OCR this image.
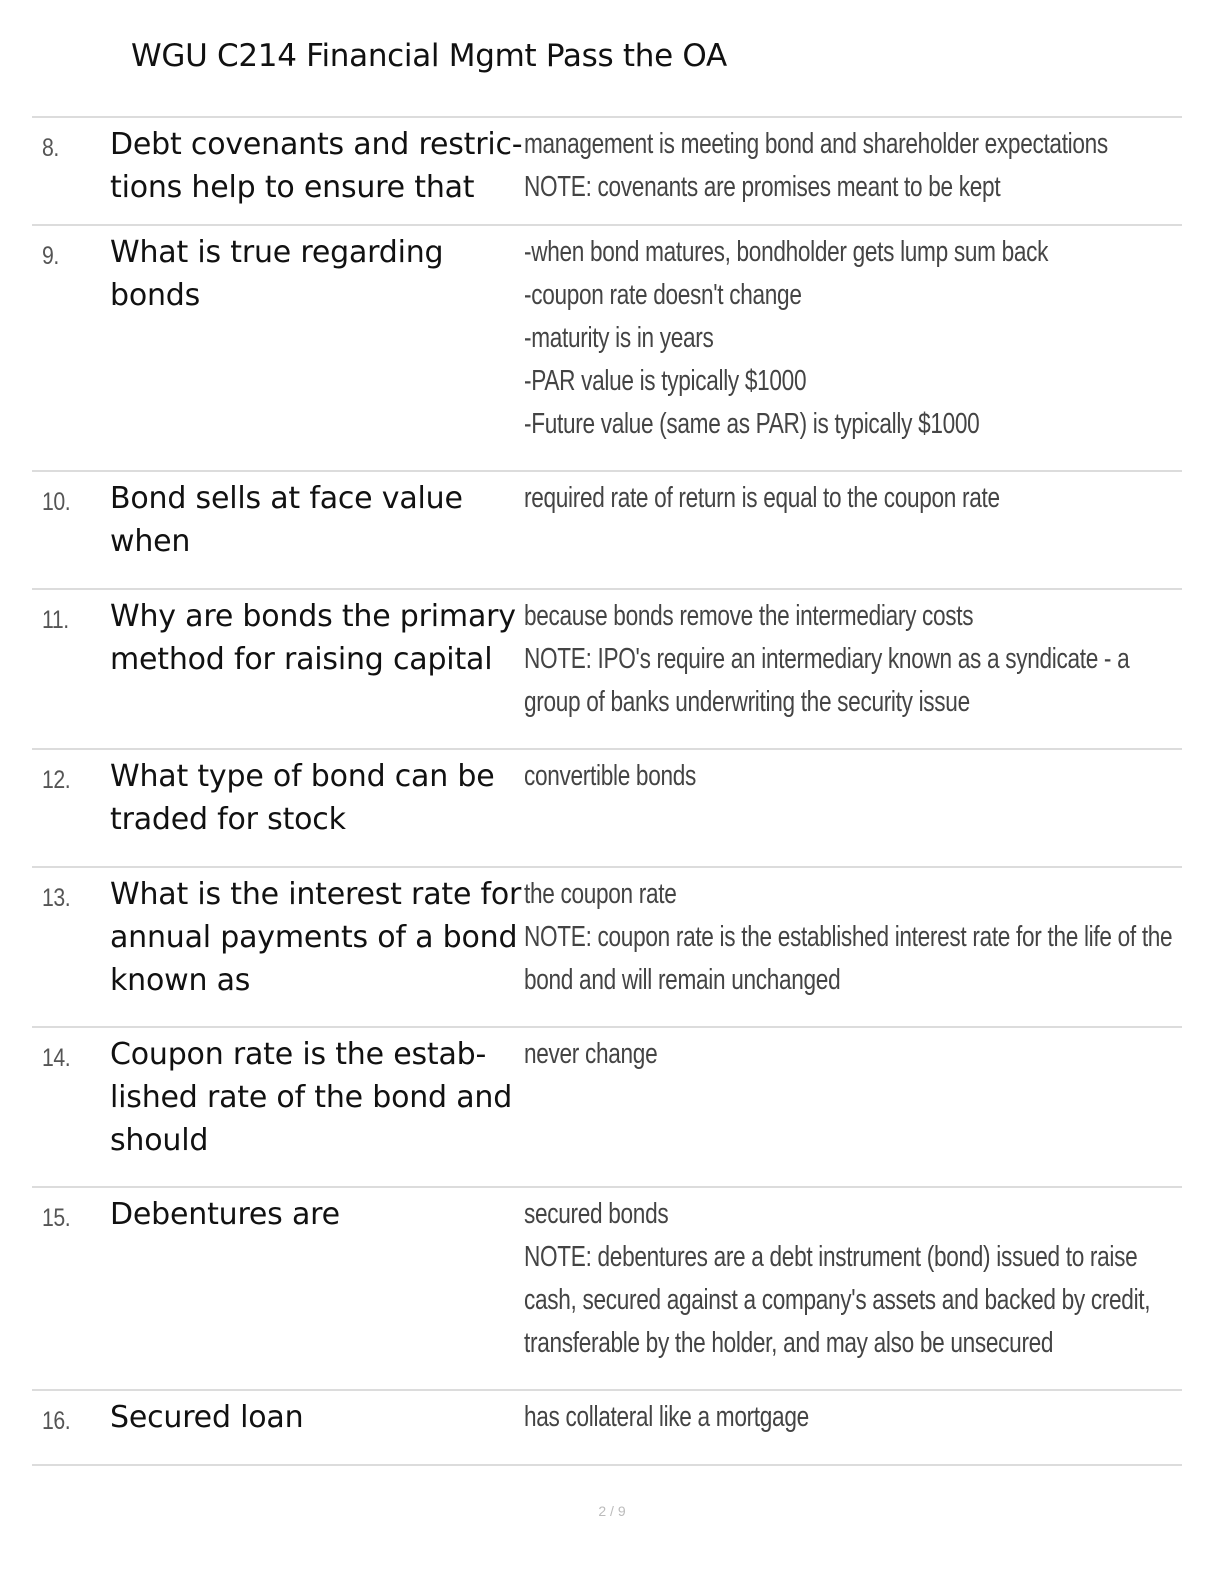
WGU C214 Financial Mgmt Pass the OA
8. Debt covenants and restric-
tions help to ensure that
management is meeting bond and shareholder expectations
NOTE: covenants are promises meant to be kept
9. What is true regarding
bonds
-when bond matures, bondholder gets lump sum back
-coupon rate doesn't change
-maturity is in years
-PAR value is typically $1000
-Future value (same as PAR) is typically $1000
10. Bond sells at face value
when
required rate of return is equal to the coupon rate
11. Why are bonds the primary
method for raising capital
because bonds remove the intermediary costs
NOTE: IPO's require an intermediary known as a syndicate - a
group of banks underwriting the security issue
12. What type of bond can be
traded for stock
convertible bonds
13. What is the interest rate for
annual payments of a bond
known as
the coupon rate
NOTE: coupon rate is the established interest rate for the life of the
bond and will remain unchanged
14. Coupon rate is the estab-
lished rate of the bond and
should
never change
15. Debentures are	secured bonds
NOTE: debentures are a debt instrument (bond) issued to raise
cash, secured against a company's assets and backed by credit,
transferable by the holder, and may also be unsecured
16. Secured loan	has collateral like a mortgage
2 / 9
